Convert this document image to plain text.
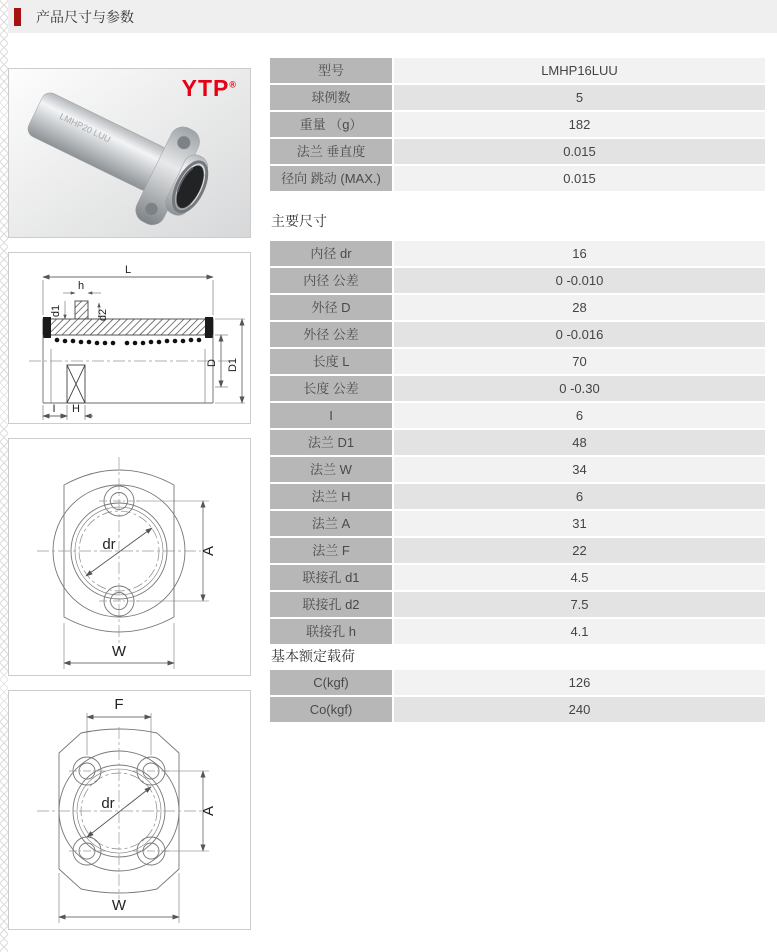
产品尺寸与参数
LMHP20 LUU
YTP®
L
h
d1	d2
D D1
I H
dr	A
W
F
dr	A
W
型号	LMHP16LUU
球例数	5
重量 （g）	182
法兰 垂直度	0.015
径向 跳动 (MAX.)	0.015
主要尺寸
内径 dr	16
内径 公差	0 -0.010
外径 D	28
外径 公差	0 -0.016
长度 L	70
长度 公差	0 -0.30
I	6
法兰 D1	48
法兰 W	34
法兰 H	6
法兰 A	31
法兰 F	22
联接孔 d1	4.5
联接孔 d2	7.5
联接孔 h	4.1
基本额定载荷
C(kgf)	126
Co(kgf)	240
